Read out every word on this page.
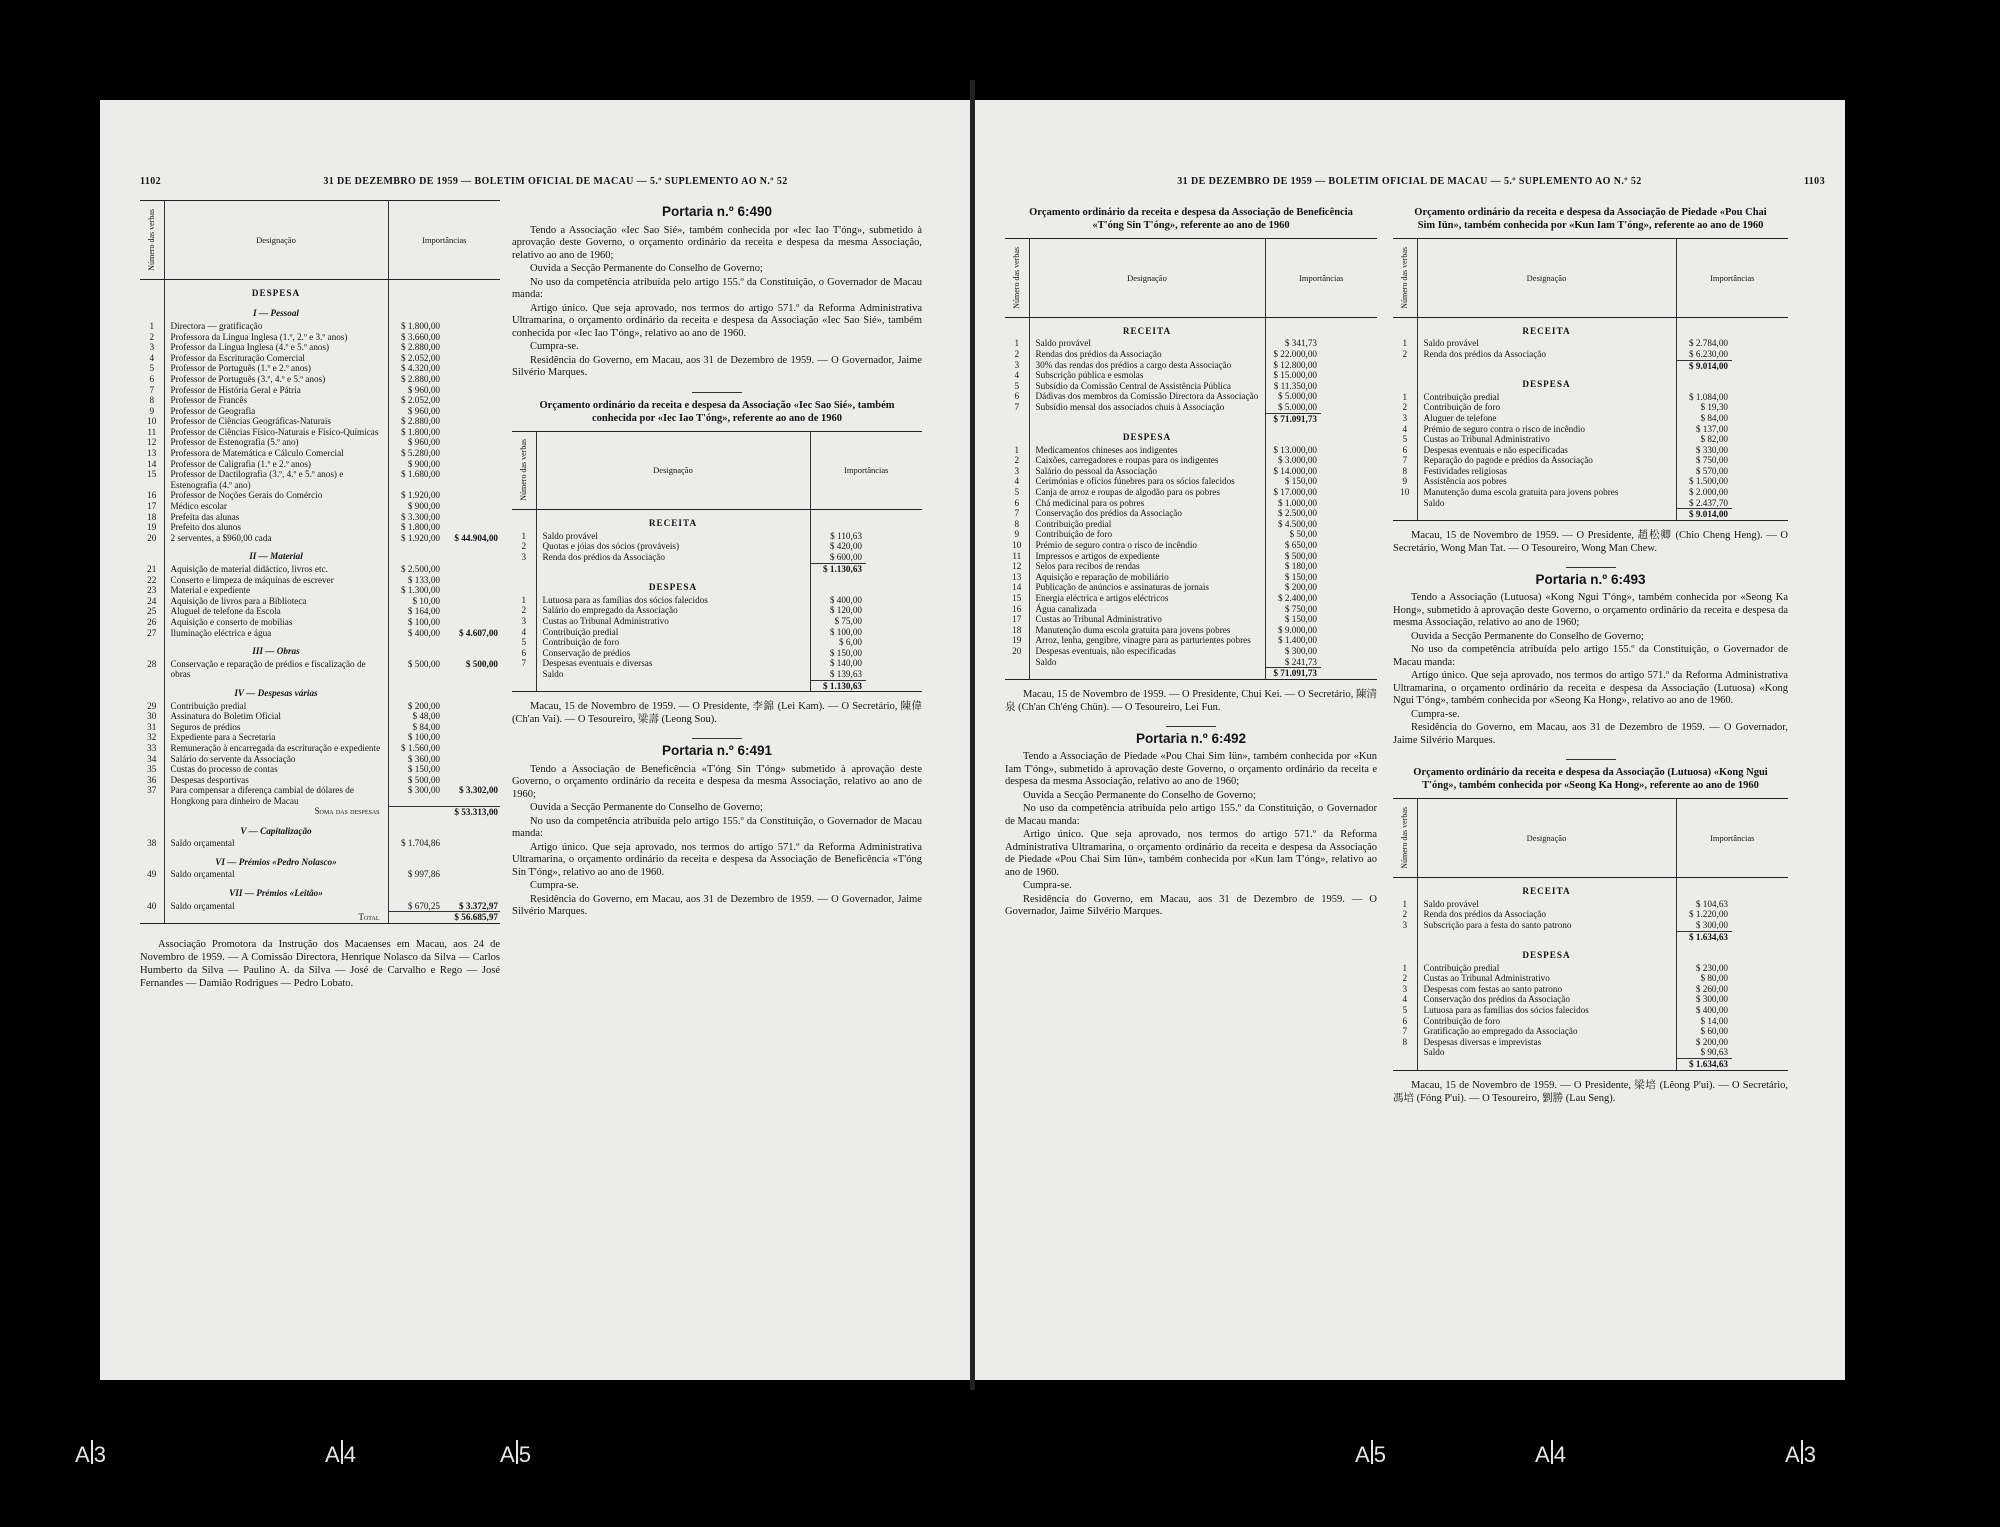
1102	31 DE DEZEMBRO DE 1959 — BOLETIM OFICIAL DE MACAU — 5.º SUPLEMENTO AO N.º 52
Número das verbas	Designação	Importâncias	
	DESPESA		
	I — Pessoal		
1	Directora — gratificação	$ 1.800,00	
2	Professora da Língua Inglesa (1.º, 2.º e 3.º anos)	$ 3.660,00	
3	Professor da Língua Inglesa (4.º e 5.º anos)	$ 2.880,00	
4	Professor da Escrituração Comercial	$ 2.052,00	
5	Professor de Português (1.º e 2.º anos)	$ 4.320,00	
6	Professor de Português (3.º, 4.º e 5.º anos)	$ 2.880,00	
7	Professor de História Geral e Pátria	$ 960,00	
8	Professor de Francês	$ 2.052,00	
9	Professor de Geografia	$ 960,00	
10	Professor de Ciências Geográficas-Naturais	$ 2.880,00	
11	Professor de Ciências Físico-Naturais e Físico-Químicas	$ 1.800,00	
12	Professor de Estenografia (5.º ano)	$ 960,00	
13	Professora de Matemática e Cálculo Comercial	$ 5.280,00	
14	Professor de Caligrafia (1.º e 2.º anos)	$ 900,00	
15	Professor de Dactilografia (3.º, 4.º e 5.º anos) e Estenografia (4.º ano)	$ 1.680,00	
16	Professor de Noções Gerais do Comércio	$ 1.920,00	
17	Médico escolar	$ 900,00	
18	Prefeita das alunas	$ 3.300,00	
19	Prefeito dos alunos	$ 1.800,00	
20	2 serventes, a $960,00 cada	$ 1.920,00	$ 44.904,00
	II — Material		
21	Aquisição de material didáctico, livros etc.	$ 2.500,00	
22	Conserto e limpeza de máquinas de escrever	$ 133,00	
23	Material e expediente	$ 1.300,00	
24	Aquisição de livros para a Biblioteca	$ 10,00	
25	Aluguel de telefone da Escola	$ 164,00	
26	Aquisição e conserto de mobílias	$ 100,00	
27	Iluminação eléctrica e água	$ 400,00	$ 4.607,00
	III — Obras		
28	Conservação e reparação de prédios e fiscalização de obras	$ 500,00	$ 500,00
	IV — Despesas várias		
29	Contribuição predial	$ 200,00	
30	Assinatura do Boletim Oficial	$ 48,00	
31	Seguros de prédios	$ 84,00	
32	Expediente para a Secretaria	$ 100,00	
33	Remuneração à encarregada da escrituração e expediente	$ 1.560,00	
34	Salário do servente da Associação	$ 360,00	
35	Custas do processo de contas	$ 150,00	
36	Despesas desportivas	$ 500,00	
37	Para compensar a diferença cambial de dólares de Hongkong para dinheiro de Macau	$ 300,00	$ 3.302,00
	Soma das despesas		$ 53.313,00
	V — Capitalização		
38	Saldo orçamental	$ 1.704,86	
	VI — Prémios «Pedro Nolasco»		
49	Saldo orçamental	$ 997,86	
	VII — Prémios «Leitão»		
40	Saldo orçamental	$ 670,25	$ 3.372,97
	Total		$ 56.685,97
Associação Promotora da Instrução dos Macaenses em Macau, aos 24 de Novembro de 1959. — A Comissão Directora, Henrique Nolasco da Silva — Carlos Humberto da Silva — Paulino A. da Silva — José de Carvalho e Rego — José Fernandes — Damião Rodrigues — Pedro Lobato.
Portaria n.º 6:490

Tendo a Associação «Iec Sao Sié», também conhecida por «Iec Iao T'óng», submetido à aprovação deste Governo, o orçamento ordinário da receita e despesa da mesma Associação, relativo ao ano de 1960;

Ouvida a Secção Permanente do Conselho de Governo;

No uso da competência atribuída pelo artigo 155.º da Constituição, o Governador de Macau manda:

Artigo único. Que seja aprovado, nos termos do artigo 571.º da Reforma Administrativa Ultramarina, o orçamento ordinário da receita e despesa da Associação «Iec Sao Sié», também conhecida por «Iec Iao T'óng», relativo ao ano de 1960.

Cumpra-se.

Residência do Governo, em Macau, aos 31 de Dezembro de 1959. — O Governador, Jaime Silvério Marques.

Orçamento ordinário da receita e despesa da Associação «Iec Sao Sié», também conhecida por «Iec Iao T'óng», referente ao ano de 1960
Número das verbas	Designação	Importâncias	
	RECEITA		
1	Saldo provável	$ 110,63	
2	Quotas e jóias dos sócios (prováveis)	$ 420,00	
3	Renda dos prédios da Associação	$ 600,00	
		$ 1.130,63	
	DESPESA		
1	Lutuosa para as famílias dos sócios falecidos	$ 400,00	
2	Salário do empregado da Associação	$ 120,00	
3	Custas ao Tribunal Administrativo	$ 75,00	
4	Contribuição predial	$ 100,00	
5	Contribuição de foro	$ 6,00	
6	Conservação de prédios	$ 150,00	
7	Despesas eventuais e diversas	$ 140,00	
	Saldo	$ 139,63	
		$ 1.130,63	
Macau, 15 de Novembro de 1959. — O Presidente, 李錦 (Lei Kam). — O Secretário, 陳偉 (Ch'an Vai). — O Tesoureiro, 梁壽 (Leong Sou).
Portaria n.º 6:491

Tendo a Associação de Beneficência «T'óng Sin T'óng» submetido à aprovação deste Governo, o orçamento ordinário da receita e despesa da mesma Associação, relativo ao ano de 1960;

Ouvida a Secção Permanente do Conselho de Governo;

No uso da competência atribuída pelo artigo 155.º da Constituição, o Governador de Macau manda:

Artigo único. Que seja aprovado, nos termos do artigo 571.º da Reforma Administrativa Ultramarina, o orçamento ordinário da receita e despesa da Associação de Beneficência «T'óng Sin T'óng», relativo ao ano de 1960.

Cumpra-se.

Residência do Governo, em Macau, aos 31 de Dezembro de 1959. — O Governador, Jaime Silvério Marques.

31 DE DEZEMBRO DE 1959 — BOLETIM OFICIAL DE MACAU — 5.º SUPLEMENTO AO N.º 52	1103
Orçamento ordinário da receita e despesa da Associação de Beneficência «T'óng Sin T'óng», referente ao ano de 1960
Número das verbas	Designação	Importâncias	
	RECEITA		
1	Saldo provável	$ 341,73	
2	Rendas dos prédios da Associação	$ 22.000,00	
3	30% das rendas dos prédios a cargo desta Associação	$ 12.800,00	
4	Subscrição pública e esmolas	$ 15.000,00	
5	Subsídio da Comissão Central de Assistência Pública	$ 11.350,00	
6	Dádivas dos membros da Comissão Directora da Associação	$ 5.000,00	
7	Subsídio mensal dos associados chuis à Associação	$ 5.000,00	
		$ 71.091,73	
	DESPESA		
1	Medicamentos chineses aos indigentes	$ 13.000,00	
2	Caixões, carregadores e roupas para os indigentes	$ 3.000,00	
3	Salário do pessoal da Associação	$ 14.000,00	
4	Cerimónias e ofícios fúnebres para os sócios falecidos	$ 150,00	
5	Canja de arroz e roupas de algodão para os pobres	$ 17.000,00	
6	Chá medicinal para os pobres	$ 1.000,00	
7	Conservação dos prédios da Associação	$ 2.500,00	
8	Contribuição predial	$ 4.500,00	
9	Contribuição de foro	$ 50,00	
10	Prémio de seguro contra o risco de incêndio	$ 650,00	
11	Impressos e artigos de expediente	$ 500,00	
12	Selos para recibos de rendas	$ 180,00	
13	Aquisição e reparação de mobiliário	$ 150,00	
14	Publicação de anúncios e assinaturas de jornais	$ 200,00	
15	Energia eléctrica e artigos eléctricos	$ 2.400,00	
16	Água canalizada	$ 750,00	
17	Custas ao Tribunal Administrativo	$ 150,00	
18	Manutenção duma escola gratuita para jovens pobres	$ 9.000,00	
19	Arroz, lenha, gengibre, vinagre para as parturientes pobres	$ 1.400,00	
20	Despesas eventuais, não especificadas	$ 300,00	
	Saldo	$ 241,73	
		$ 71.091,73	
Macau, 15 de Novembro de 1959. — O Presidente, Chui Kei. — O Secretário, 陳清泉 (Ch'an Ch'éng Chün). — O Tesoureiro, Lei Fun.
Portaria n.º 6:492

Tendo a Associação de Piedade «Pou Chai Sim Iün», também conhecida por «Kun Iam T'óng», submetido à aprovação deste Governo, o orçamento ordinário da receita e despesa da mesma Associação, relativo ao ano de 1960;

Ouvida a Secção Permanente do Conselho de Governo;

No uso da competência atribuída pelo artigo 155.º da Constituição, o Governador de Macau manda:

Artigo único. Que seja aprovado, nos termos do artigo 571.º da Reforma Administrativa Ultramarina, o orçamento ordinário da receita e despesa da Associação de Piedade «Pou Chai Sim Iün», também conhecida por «Kun Iam T'óng», relativo ao ano de 1960.

Cumpra-se.

Residência do Governo, em Macau, aos 31 de Dezembro de 1959. — O Governador, Jaime Silvério Marques.

Orçamento ordinário da receita e despesa da Associação de Piedade «Pou Chai Sim Iün», também conhecida por «Kun Iam T'óng», referente ao ano de 1960
Número das verbas	Designação	Importâncias	
	RECEITA		
1	Saldo provável	$ 2.784,00	
2	Renda dos prédios da Associação	$ 6.230,00	
		$ 9.014,00	
	DESPESA		
1	Contribuição predial	$ 1.084,00	
2	Contribuição de foro	$ 19,30	
3	Aluguer de telefone	$ 84,00	
4	Prémio de seguro contra o risco de incêndio	$ 137,00	
5	Custas ao Tribunal Administrativo	$ 82,00	
6	Despesas eventuais e não especificadas	$ 330,00	
7	Reparação do pagode e prédios da Associação	$ 750,00	
8	Festividades religiosas	$ 570,00	
9	Assistência aos pobres	$ 1.500,00	
10	Manutenção duma escola gratuita para jovens pobres	$ 2.000,00	
	Saldo	$ 2.437,70	
		$ 9.014,00	
Macau, 15 de Novembro de 1959. — O Presidente, 趙松卿 (Chio Cheng Heng). — O Secretário, Wong Man Tat. — O Tesoureiro, Wong Man Chew.
Portaria n.º 6:493

Tendo a Associação (Lutuosa) «Kong Ngui T'óng», também conhecida por «Seong Ka Hong», submetido à aprovação deste Governo, o orçamento ordinário da receita e despesa da mesma Associação, relativo ao ano de 1960;

Ouvida a Secção Permanente do Conselho de Governo;

No uso da competência atribuída pelo artigo 155.º da Constituição, o Governador de Macau manda:

Artigo único. Que seja aprovado, nos termos do artigo 571.º da Reforma Administrativa Ultramarina, o orçamento ordinário da receita e despesa da Associação (Lutuosa) «Kong Ngui T'óng», também conhecida por «Seong Ka Hong», relativo ao ano de 1960.

Cumpra-se.

Residência do Governo, em Macau, aos 31 de Dezembro de 1959. — O Governador, Jaime Silvério Marques.

Orçamento ordinário da receita e despesa da Associação (Lutuosa) «Kong Ngui T'óng», também conhecida por «Seong Ka Hong», referente ao ano de 1960
Número das verbas	Designação	Importâncias	
	RECEITA		
1	Saldo provável	$ 104,63	
2	Renda dos prédios da Associação	$ 1.220,00	
3	Subscrição para a festa do santo patrono	$ 300,00	
		$ 1.634,63	
	DESPESA		
1	Contribuição predial	$ 230,00	
2	Custas ao Tribunal Administrativo	$ 80,00	
3	Despesas com festas ao santo patrono	$ 260,00	
4	Conservação dos prédios da Associação	$ 300,00	
5	Lutuosa para as famílias dos sócios falecidos	$ 400,00	
6	Contribuição de foro	$ 14,00	
7	Gratificação ao empregado da Associação	$ 60,00	
8	Despesas diversas e imprevistas	$ 200,00	
	Saldo	$ 90,63	
		$ 1.634,63	
Macau, 15 de Novembro de 1959. — O Presidente, 梁培 (Lêong P'ui). — O Secretário, 馮培 (Fóng P'ui). — O Tesoureiro, 劉勝 (Lau Seng).
A 3	A 4	A 5	A 5	A 4	A 3
